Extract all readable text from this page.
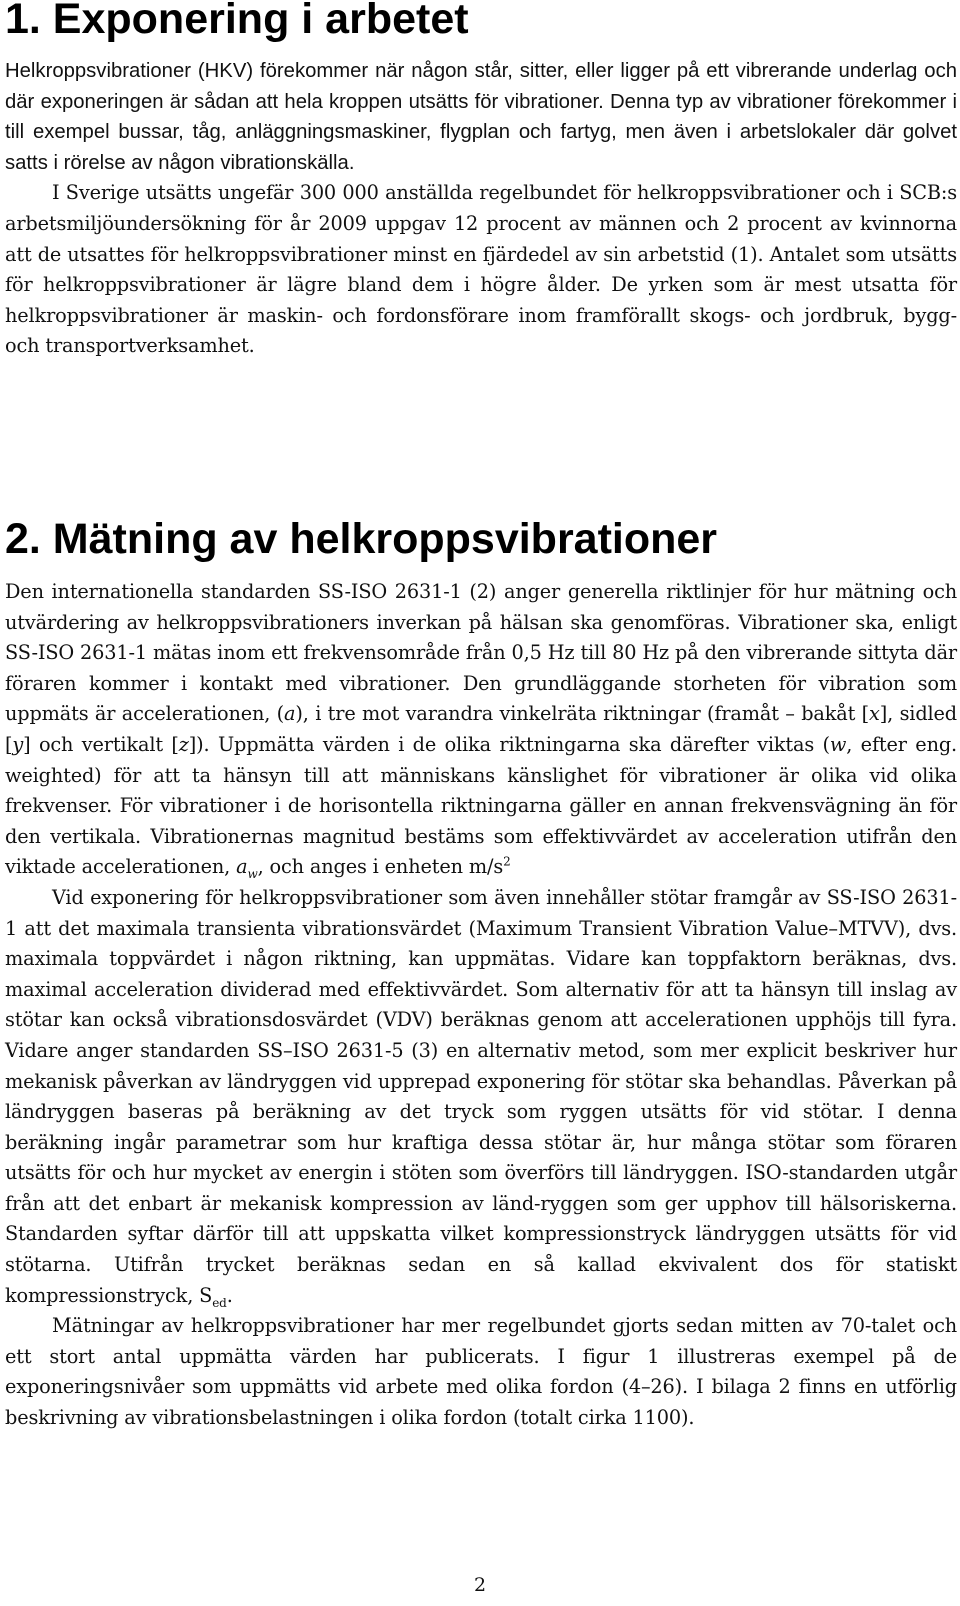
1. Exponering i arbetet

Helkroppsvibrationer (HKV) förekommer när någon står, sitter, eller ligger på ett vibrerande underlag och där exponeringen är sådan att hela kroppen utsätts för vibrationer. Denna typ av vibrationer förekommer i till exempel bussar, tåg, anläggningsmaskiner, flygplan och fartyg, men även i arbetslokaler där golvet satts i rörelse av någon vibrationskälla.

I Sverige utsätts ungefär 300 000 anställda regelbundet för helkroppsvibrationer och i SCB:s arbetsmiljöundersökning för år 2009 uppgav 12 procent av männen och 2 procent av kvinnorna att de utsattes för helkroppsvibrationer minst en fjärdedel av sin arbetstid (1). Antalet som utsätts för helkroppsvibrationer är lägre bland dem i högre ålder. De yrken som är mest utsatta för helkroppsvibrationer är maskin- och fordonsförare inom framförallt skogs- och jordbruk, bygg- och transportverksamhet.

2. Mätning av helkroppsvibrationer

Den internationella standarden SS-ISO 2631-1 (2) anger generella riktlinjer för hur mätning och utvärdering av helkroppsvibrationers inverkan på hälsan ska genomföras. Vibrationer ska, enligt SS-ISO 2631-1 mätas inom ett frekvensområde från 0,5 Hz till 80 Hz på den vibrerande sittyta där föraren kommer i kontakt med vibrationer. Den grundläggande storheten för vibration som uppmäts är accelerationen, (a), i tre mot varandra vinkelräta riktningar (framåt – bakåt [x], sidled [y] och vertikalt [z]). Uppmätta värden i de olika riktningarna ska därefter viktas (w, efter eng. weighted) för att ta hänsyn till att människans känslighet för vibrationer är olika vid olika frekvenser. För vibrationer i de horisontella riktningarna gäller en annan frekvensvägning än för den vertikala. Vibrationernas magnitud bestäms som effektivvärdet av acceleration utifrån den viktade accelerationen, $a_w$, och anges i enheten $m/s^2$

Vid exponering för helkroppsvibrationer som även innehåller stötar framgår av SS-ISO 2631-1 att det maximala transienta vibrationsvärdet (Maximum Transient Vibration Value–MTVV), dvs. maximala toppvärdet i någon riktning, kan uppmätas. Vidare kan toppfaktorn beräknas, dvs. maximal acceleration dividerad med effektivvärdet. Som alternativ för att ta hänsyn till inslag av stötar kan också vibrationsdosvärdet (VDV) beräknas genom att accelerationen upphöjs till fyra. Vidare anger standarden SS–ISO 2631-5 (3) en alternativ metod, som mer explicit beskriver hur mekanisk påverkan av ländryggen vid upprepad exponering för stötar ska behandlas. Påverkan på ländryggen baseras på beräkning av det tryck som ryggen utsätts för vid stötar. I denna beräkning ingår parametrar som hur kraftiga dessa stötar är, hur många stötar som föraren utsätts för och hur mycket av energin i stöten som överförs till ländryggen. ISO-standarden utgår från att det enbart är mekanisk kompression av länd-ryggen som ger upphov till hälsoriskerna. Standarden syftar därför till att uppskatta vilket kompressionstryck ländryggen utsätts för vid stötarna. Utifrån trycket beräknas sedan en så kallad ekvivalent dos för statiskt kompressionstryck, $S_{ed}$.

Mätningar av helkroppsvibrationer har mer regelbundet gjorts sedan mitten av 70-talet och ett stort antal uppmätta värden har publicerats. I figur 1 illustreras exempel på de exponeringsnivåer som uppmätts vid arbete med olika fordon (4–26). I bilaga 2 finns en utförlig beskrivning av vibrationsbelastningen i olika fordon (totalt cirka 1100).

2
